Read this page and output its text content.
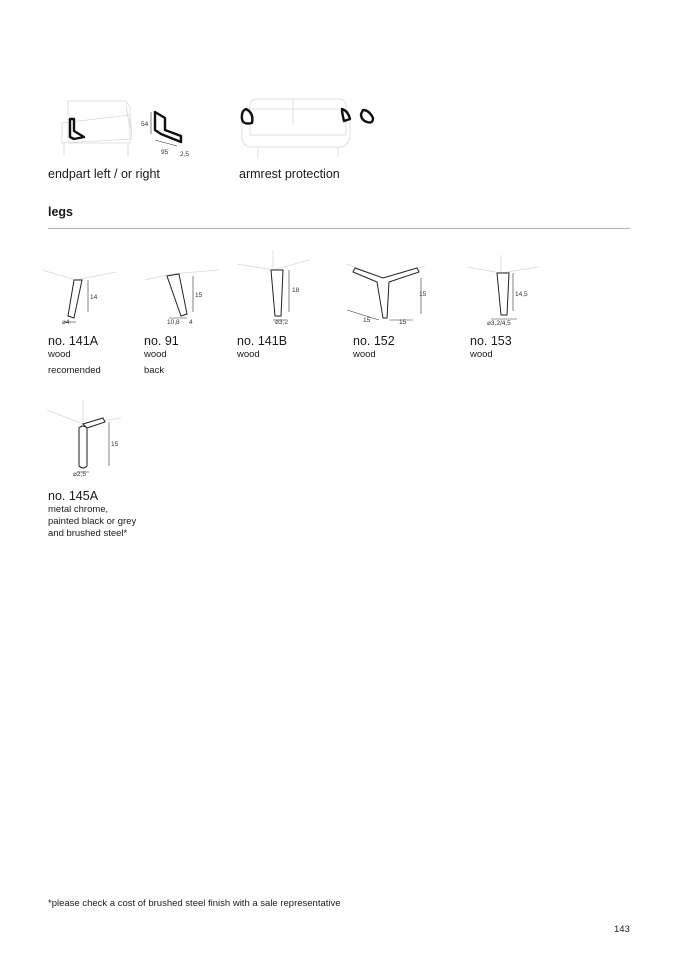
54
95 2,5
endpart left / or right	armrest protection
legs
14
⌀4
no. 141A
wood
recomended
15
10,8 4
no. 91
wood
back
18
⌀3,2
no. 141B
wood
15
15	15
no. 152
wood
14,5
⌀3,2/4,5
no. 153
wood
15
⌀2,5
no. 145A
metal chrome,
painted black or grey
and brushed steel*
*please check a cost of brushed steel finish with a sale representative
143
